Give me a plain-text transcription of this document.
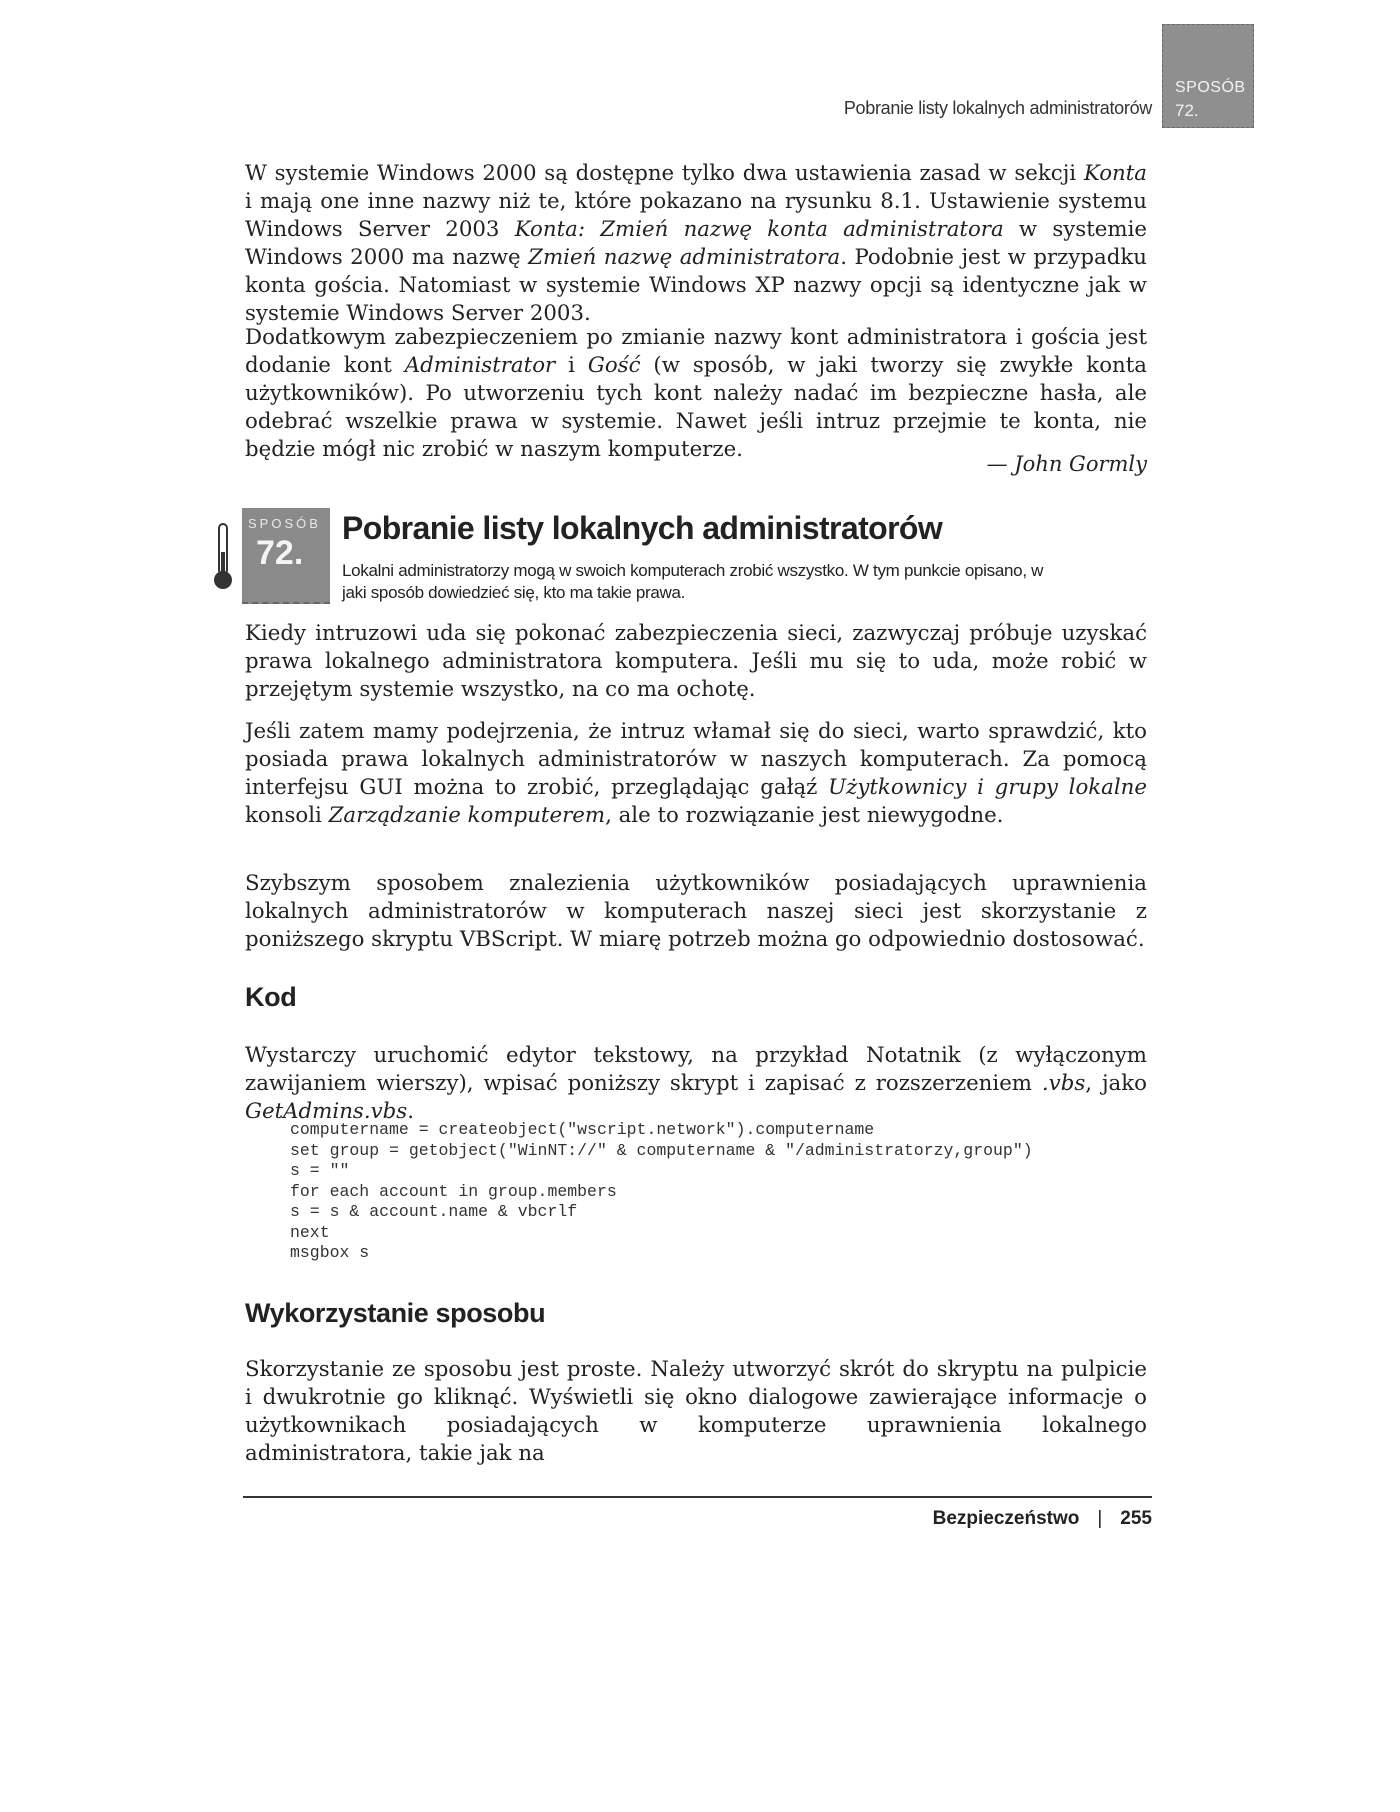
Pobranie listy lokalnych administratorów
SPOSÓB
72.

W systemie Windows 2000 są dostępne tylko dwa ustawienia zasad w sekcji Konta i mają one inne nazwy niż te, które pokazano na rysunku 8.1. Ustawienie systemu Windows Server 2003 Konta: Zmień nazwę konta administratora w systemie Windows 2000 ma nazwę Zmień nazwę administratora. Podobnie jest w przypadku konta gościa. Natomiast w systemie Windows XP nazwy opcji są identyczne jak w systemie Windows Server 2003.

Dodatkowym zabezpieczeniem po zmianie nazwy kont administratora i gościa jest dodanie kont Administrator i Gość (w sposób, w jaki tworzy się zwykłe konta użytkowników). Po utworzeniu tych kont należy nadać im bezpieczne hasła, ale odebrać wszelkie prawa w systemie. Nawet jeśli intruz przejmie te konta, nie będzie mógł nic zrobić w naszym komputerze.

— John Gormly
SPOSÓB
72.
Pobranie listy lokalnych administratorów
Lokalni administratorzy mogą w swoich komputerach zrobić wszystko. W tym punkcie opisano, w jaki sposób dowiedzieć się, kto ma takie prawa.

Kiedy intruzowi uda się pokonać zabezpieczenia sieci, zazwyczaj próbuje uzyskać prawa lokalnego administratora komputera. Jeśli mu się to uda, może robić w przejętym systemie wszystko, na co ma ochotę.

Jeśli zatem mamy podejrzenia, że intruz włamał się do sieci, warto sprawdzić, kto posiada prawa lokalnych administratorów w naszych komputerach. Za pomocą interfejsu GUI można to zrobić, przeglądając gałąź Użytkownicy i grupy lokalne konsoli Zarządzanie komputerem, ale to rozwiązanie jest niewygodne.

Szybszym sposobem znalezienia użytkowników posiadających uprawnienia lokalnych administratorów w komputerach naszej sieci jest skorzystanie z poniższego skryptu VBScript. W miarę potrzeb można go odpowiednio dostosować.

Kod

Wystarczy uruchomić edytor tekstowy, na przykład Notatnik (z wyłączonym zawijaniem wierszy), wpisać poniższy skrypt i zapisać z rozszerzeniem .vbs, jako GetAdmins.vbs.

computername = createobject("wscript.network").computername
set group = getobject("WinNT://" & computername & "/administratorzy,group")
s = ""
for each account in group.members
s = s & account.name & vbcrlf
next
msgbox s
Wykorzystanie sposobu

Skorzystanie ze sposobu jest proste. Należy utworzyć skrót do skryptu na pulpicie i dwukrotnie go kliknąć. Wyświetli się okno dialogowe zawierające informacje o użytkownikach posiadających w komputerze uprawnienia lokalnego administratora, takie jak na

Bezpieczeństwo | 255
